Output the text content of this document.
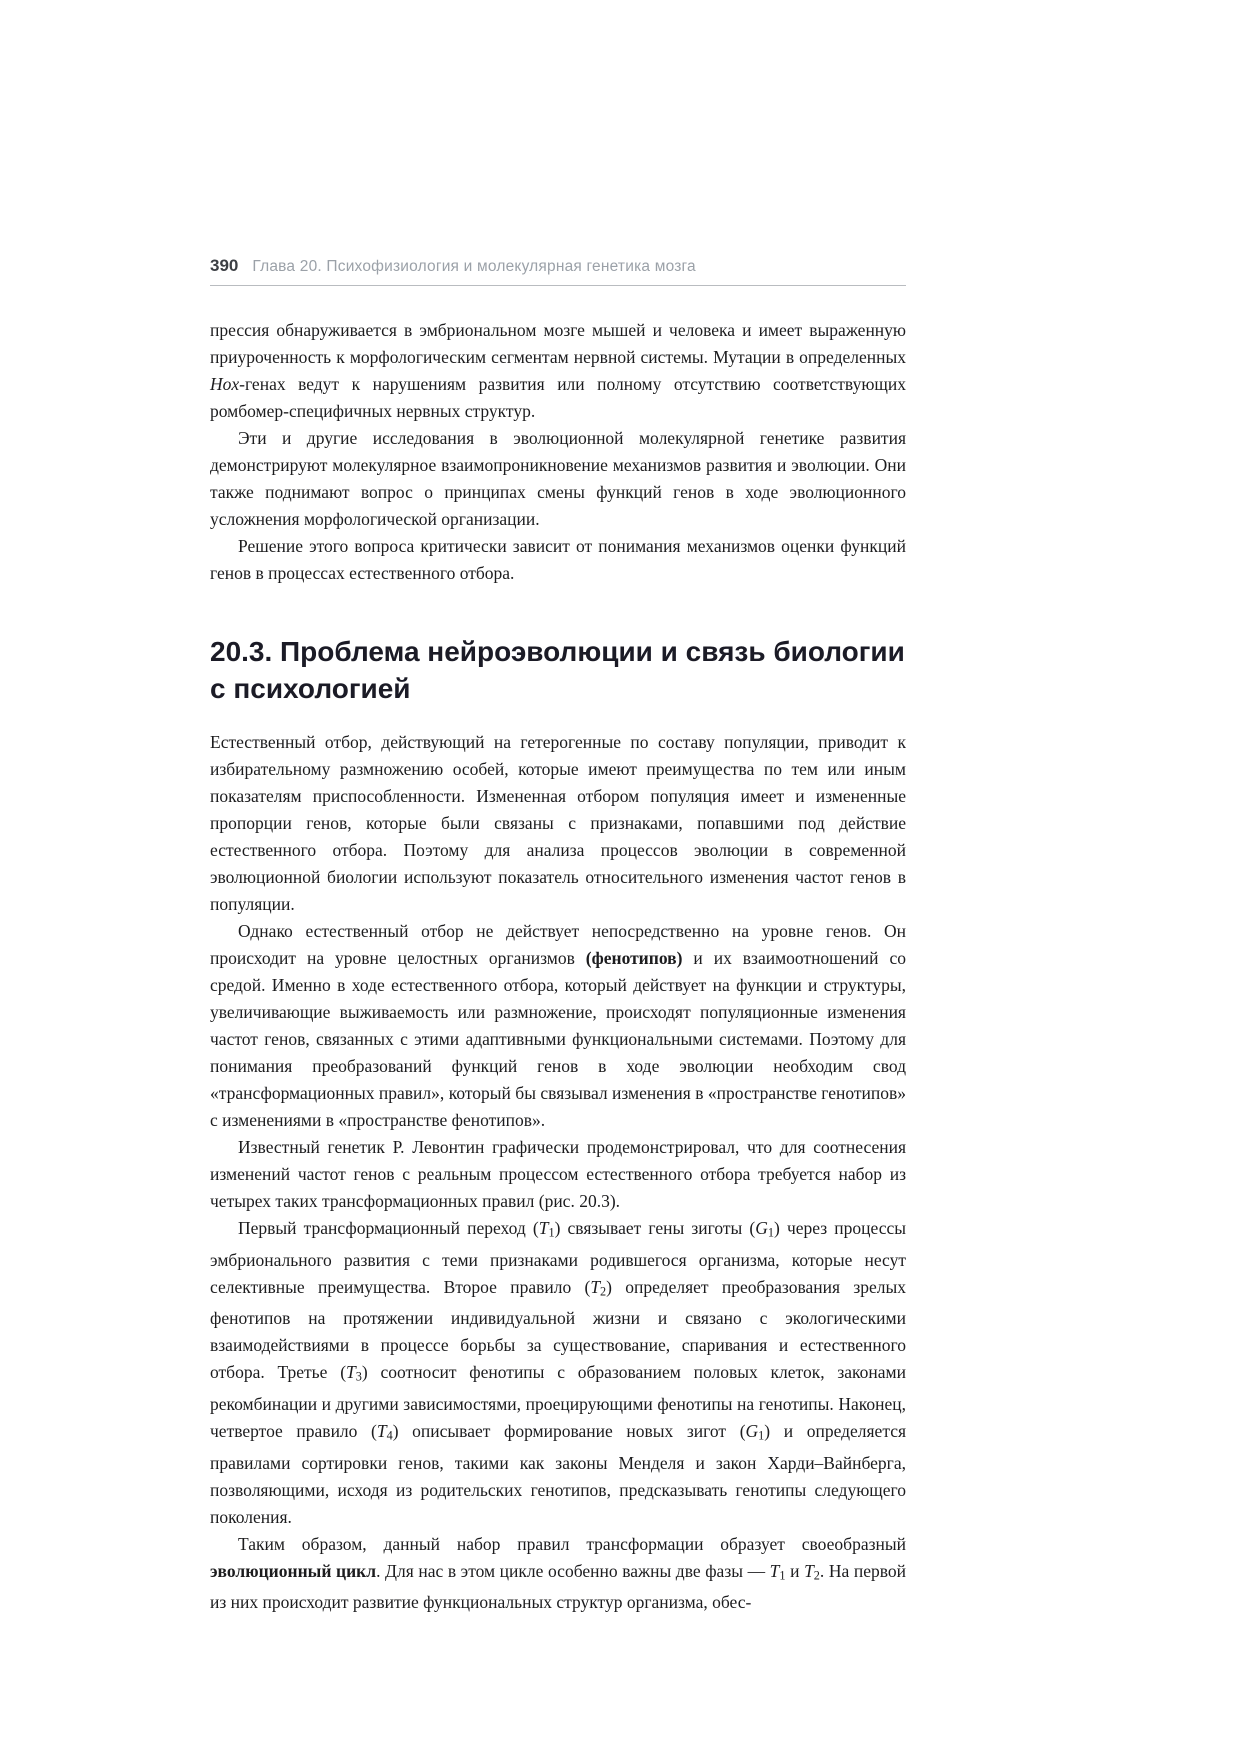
390 Глава 20. Психофизиология и молекулярная генетика мозга

прессия обнаруживается в эмбриональном мозге мышей и человека и имеет выраженную приуроченность к морфологическим сегментам нервной системы. Мутации в определенных Hox-генах ведут к нарушениям развития или полному отсутствию соответствующих ромбомер-специфичных нервных структур.

Эти и другие исследования в эволюционной молекулярной генетике развития демонстрируют молекулярное взаимопроникновение механизмов развития и эволюции. Они также поднимают вопрос о принципах смены функций генов в ходе эволюционного усложнения морфологической организации.

Решение этого вопроса критически зависит от понимания механизмов оценки функций генов в процессах естественного отбора.

20.3. Проблема нейроэволюции и связь биологии с психологией

Естественный отбор, действующий на гетерогенные по составу популяции, приводит к избирательному размножению особей, которые имеют преимущества по тем или иным показателям приспособленности. Измененная отбором популяция имеет и измененные пропорции генов, которые были связаны с признаками, попавшими под действие естественного отбора. Поэтому для анализа процессов эволюции в современной эволюционной биологии используют показатель относительного изменения частот генов в популяции.

Однако естественный отбор не действует непосредственно на уровне генов. Он происходит на уровне целостных организмов (фенотипов) и их взаимоотношений со средой. Именно в ходе естественного отбора, который действует на функции и структуры, увеличивающие выживаемость или размножение, происходят популяционные изменения частот генов, связанных с этими адаптивными функциональными системами. Поэтому для понимания преобразований функций генов в ходе эволюции необходим свод «трансформационных правил», который бы связывал изменения в «пространстве генотипов» с изменениями в «пространстве фенотипов».

Известный генетик Р. Левонтин графически продемонстрировал, что для соотнесения изменений частот генов с реальным процессом естественного отбора требуется набор из четырех таких трансформационных правил (рис. 20.3).

Первый трансформационный переход $(T_1)$ связывает гены зиготы $(G_1)$ через процессы эмбрионального развития с теми признаками родившегося организма, которые несут селективные преимущества. Второе правило $(T_2)$ определяет преобразования зрелых фенотипов на протяжении индивидуальной жизни и связано с экологическими взаимодействиями в процессе борьбы за существование, спаривания и естественного отбора. Третье $(T_3)$ соотносит фенотипы с образованием половых клеток, законами рекомбинации и другими зависимостями, проецирующими фенотипы на генотипы. Наконец, четвертое правило $(T_4)$ описывает формирование новых зигот $(G_1)$ и определяется правилами сортировки генов, такими как законы Менделя и закон Харди–Вайнберга, позволяющими, исходя из родительских генотипов, предсказывать генотипы следующего поколения.

Таким образом, данный набор правил трансформации образует своеобразный эволюционный цикл. Для нас в этом цикле особенно важны две фазы — $T_1$ и $T_2$. На первой из них происходит развитие функциональных структур организма, обес-
